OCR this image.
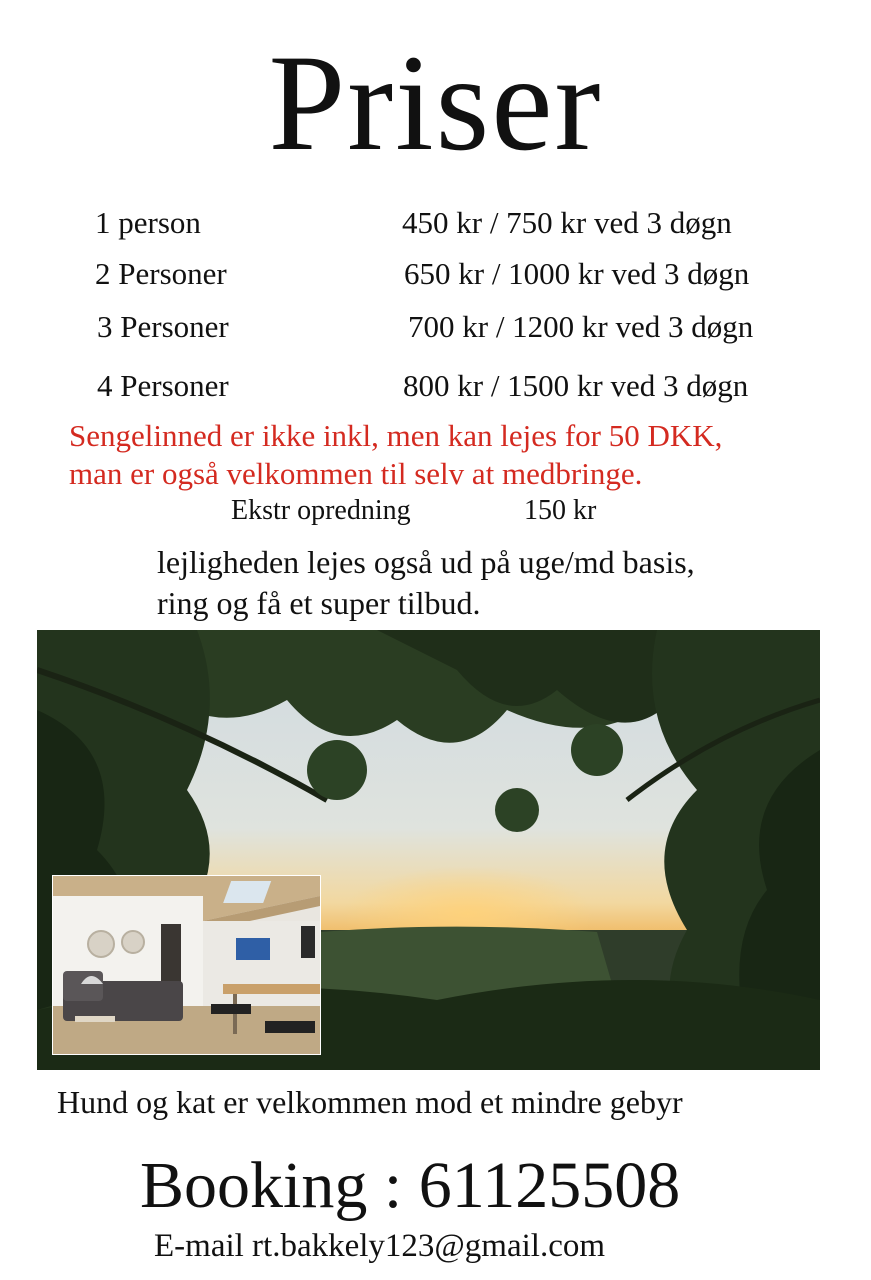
Priser
1 person	450 kr / 750 kr ved 3 døgn
2 Personer	650 kr / 1000 kr ved 3 døgn
3 Personer	700 kr / 1200 kr ved 3 døgn
4 Personer	800 kr / 1500 kr ved 3 døgn
Sengelinned er ikke inkl, men kan lejes for 50 DKK,
man er også velkommen til selv at medbringe.
Ekstr opredning	150 kr
lejligheden lejes også ud på uge/md basis,
ring og få et super tilbud.
Hund og kat er velkommen mod et mindre gebyr
Booking : 61125508
E-mail rt.bakkely123@gmail.com
